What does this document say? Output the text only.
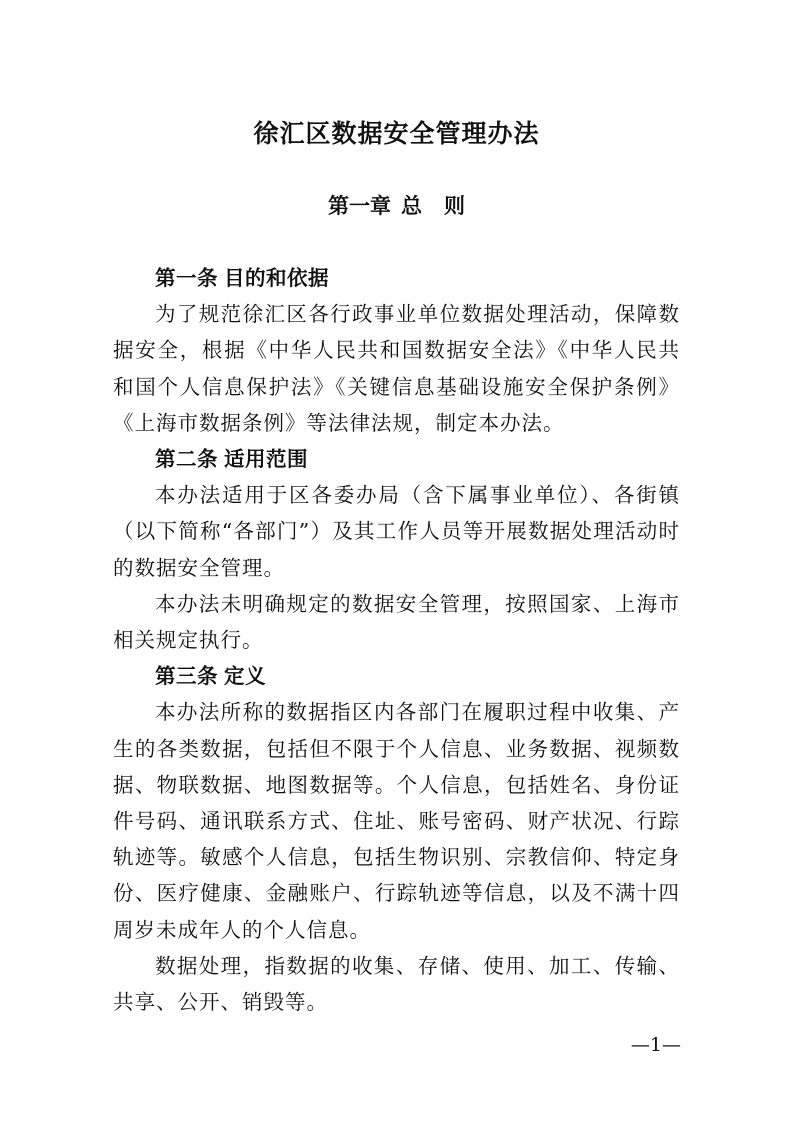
徐汇区数据安全管理办法
第一章 总 则

第一条 目的和依据

为了规范徐汇区各行政事业单位数据处理活动，保障数据安全，根据《中华人民共和国数据安全法》《中华人民共和国个人信息保护法》《关键信息基础设施安全保护条例》《上海市数据条例》等法律法规，制定本办法。

第二条 适用范围

本办法适用于区各委办局（含下属事业单位）、各街镇（以下简称“各部门”）及其工作人员等开展数据处理活动时的数据安全管理。

本办法未明确规定的数据安全管理，按照国家、上海市相关规定执行。

第三条 定义

本办法所称的数据指区内各部门在履职过程中收集、产生的各类数据，包括但不限于个人信息、业务数据、视频数据、物联数据、地图数据等。个人信息，包括姓名、身份证件号码、通讯联系方式、住址、账号密码、财产状况、行踪轨迹等。敏感个人信息，包括生物识别、宗教信仰、特定身份、医疗健康、金融账户、行踪轨迹等信息，以及不满十四周岁未成年人的个人信息。

数据处理，指数据的收集、存储、使用、加工、传输、共享、公开、销毁等。

—1—
